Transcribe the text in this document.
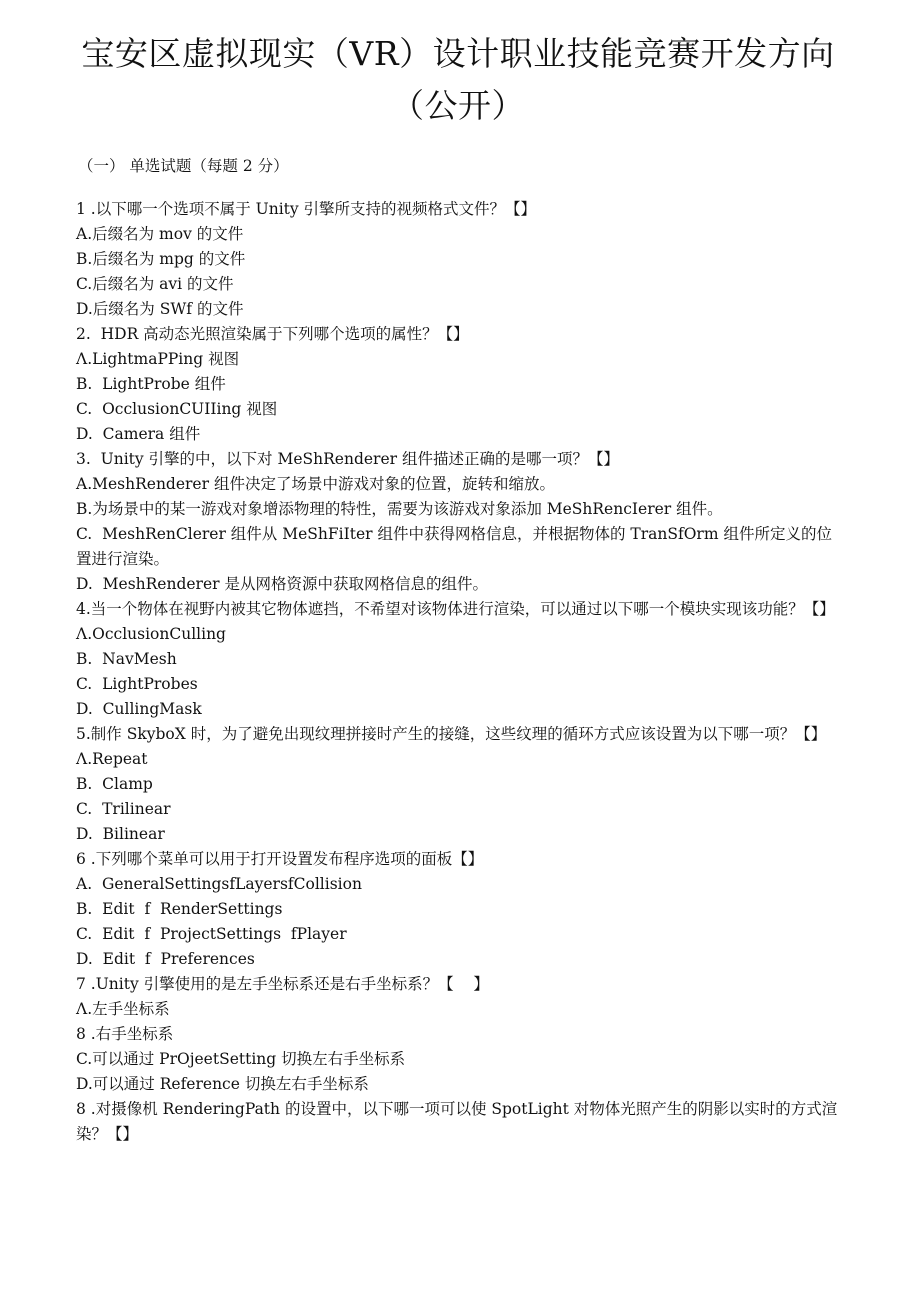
宝安区虚拟现实（VR）设计职业技能竞赛开发方向
（公开）
（一） 单选试题（每题 2 分）
1 .以下哪一个选项不属于 Unity 引擎所支持的视频格式文件？【】
A.后缀名为 mov 的文件
B.后缀名为 mpg 的文件
C.后缀名为 avi 的文件
D.后缀名为 SWf 的文件
2.  HDR 高动态光照渲染属于下列哪个选项的属性？【】
Λ.LightmaPPing 视图
B.  LightProbe 组件
C.  OcclusionCUIIing 视图
D.  Camera 组件
3.  Unity 引擎的中，以下对 MeShRenderer 组件描述正确的是哪一项？【】
A.MeshRenderer 组件决定了场景中游戏对象的位置，旋转和缩放。
B.为场景中的某一游戏对象增添物理的特性，需要为该游戏对象添加 MeShRencIerer 组件。
C.  MeshRenClerer 组件从 MeShFiIter 组件中获得网格信息，并根据物体的 TranSfOrm 组件所定义的位置进行渲染。
D.  MeshRenderer 是从网格资源中获取网格信息的组件。
4.当一个物体在视野内被其它物体遮挡，不希望对该物体进行渲染，可以通过以下哪一个模块实现该功能？【】
Λ.OcclusionCulling
B.  NavMesh
C.  LightProbes
D.  CullingMask
5.制作 SkyboX 时，为了避免出现纹理拼接时产生的接缝，这些纹理的循环方式应该设置为以下哪一项？【】
Λ.Repeat
B.  Clamp
C.  Trilinear
D.  Bilinear
6 .下列哪个菜单可以用于打开设置发布程序选项的面板【】
A.  GeneralSettingsfLayersfCollision
B.  Edit  f  RenderSettings
C.  Edit  f  ProjectSettings  fPlayer
D.  Edit  f  Preferences
7 .Unity 引擎使用的是左手坐标系还是右手坐标系？【    】
Λ.左手坐标系
8 .右手坐标系
C.可以通过 PrOjeetSetting 切换左右手坐标系
D.可以通过 Reference 切换左右手坐标系
8 .对摄像机 RenderingPath 的设置中，以下哪一项可以使 SpotLight 对物体光照产生的阴影以实时的方式渲染？【】
